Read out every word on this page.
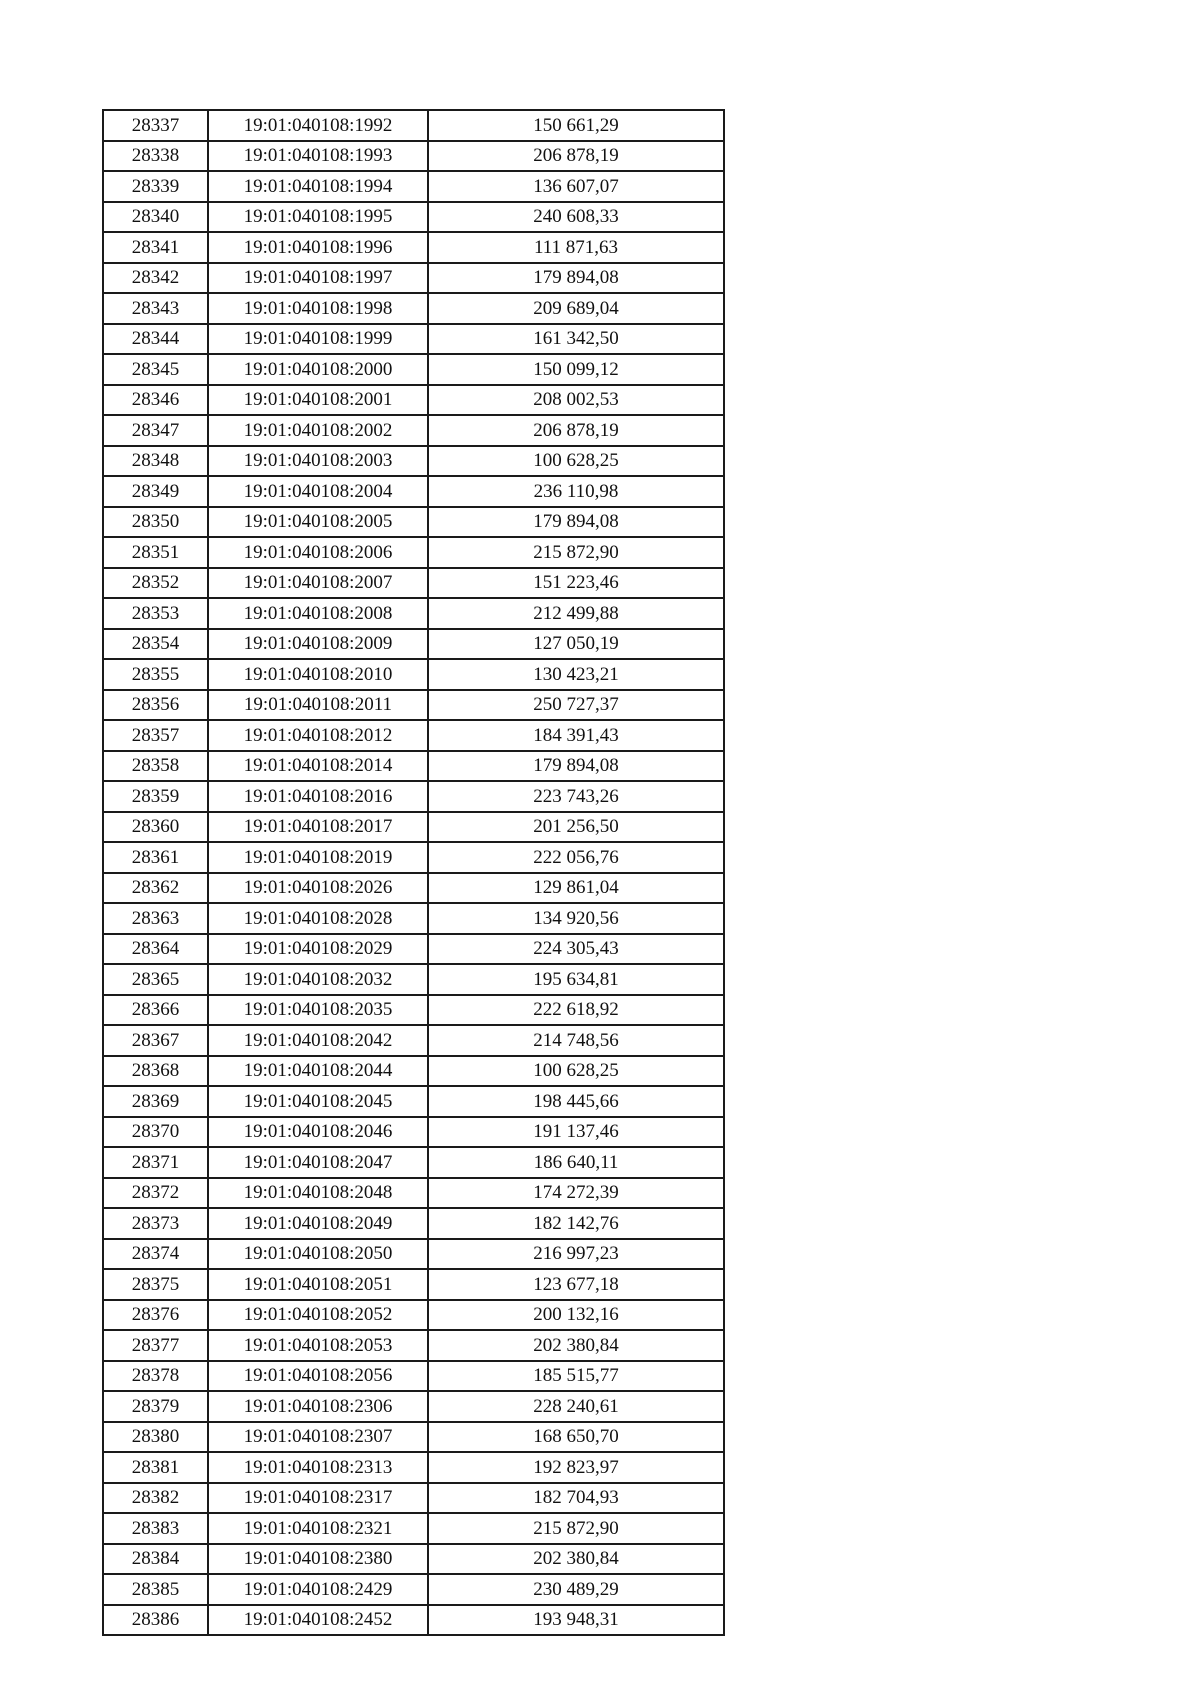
28337	19:01:040108:1992	150 661,29
28338	19:01:040108:1993	206 878,19
28339	19:01:040108:1994	136 607,07
28340	19:01:040108:1995	240 608,33
28341	19:01:040108:1996	111 871,63
28342	19:01:040108:1997	179 894,08
28343	19:01:040108:1998	209 689,04
28344	19:01:040108:1999	161 342,50
28345	19:01:040108:2000	150 099,12
28346	19:01:040108:2001	208 002,53
28347	19:01:040108:2002	206 878,19
28348	19:01:040108:2003	100 628,25
28349	19:01:040108:2004	236 110,98
28350	19:01:040108:2005	179 894,08
28351	19:01:040108:2006	215 872,90
28352	19:01:040108:2007	151 223,46
28353	19:01:040108:2008	212 499,88
28354	19:01:040108:2009	127 050,19
28355	19:01:040108:2010	130 423,21
28356	19:01:040108:2011	250 727,37
28357	19:01:040108:2012	184 391,43
28358	19:01:040108:2014	179 894,08
28359	19:01:040108:2016	223 743,26
28360	19:01:040108:2017	201 256,50
28361	19:01:040108:2019	222 056,76
28362	19:01:040108:2026	129 861,04
28363	19:01:040108:2028	134 920,56
28364	19:01:040108:2029	224 305,43
28365	19:01:040108:2032	195 634,81
28366	19:01:040108:2035	222 618,92
28367	19:01:040108:2042	214 748,56
28368	19:01:040108:2044	100 628,25
28369	19:01:040108:2045	198 445,66
28370	19:01:040108:2046	191 137,46
28371	19:01:040108:2047	186 640,11
28372	19:01:040108:2048	174 272,39
28373	19:01:040108:2049	182 142,76
28374	19:01:040108:2050	216 997,23
28375	19:01:040108:2051	123 677,18
28376	19:01:040108:2052	200 132,16
28377	19:01:040108:2053	202 380,84
28378	19:01:040108:2056	185 515,77
28379	19:01:040108:2306	228 240,61
28380	19:01:040108:2307	168 650,70
28381	19:01:040108:2313	192 823,97
28382	19:01:040108:2317	182 704,93
28383	19:01:040108:2321	215 872,90
28384	19:01:040108:2380	202 380,84
28385	19:01:040108:2429	230 489,29
28386	19:01:040108:2452	193 948,31
